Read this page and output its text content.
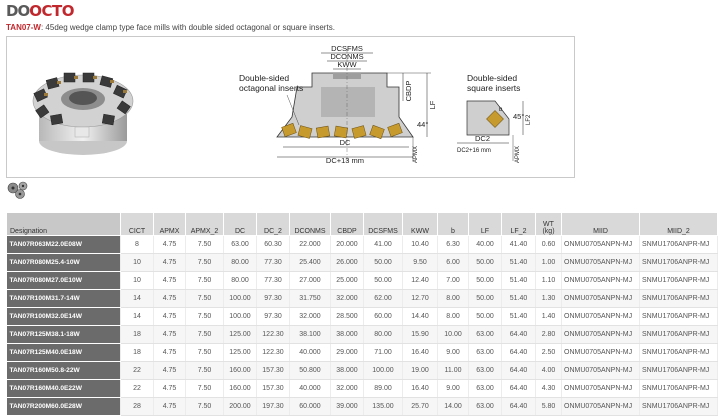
DO OCTO
TAN07-W: 45deg wedge clamp type face mills with double sided octagonal or square inserts.
DCSFMS
DCONMS
KWW
CBDP
LF
44°
APMX
DC
DC+13 mm
Double-sided
octagonal inserts
Double-sided
square inserts
b
45° LF2
DC2
DC2+16 mm	APMX
Designation	CICT	APMX	APMX_2	DC	DC_2	DCONMS	CBDP	DCSFMS	KWW	b	LF	LF_2	WT (kg)	MIID	MIID_2
TAN07R063M22.0E08W	8	4.75	7.50	63.00	60.30	22.000	20.000	41.00	10.40	6.30	40.00	41.40	0.60	ONMU0705ANPN-MJ	SNMU1706ANPR-MJ
TAN07R080M25.4-10W	10	4.75	7.50	80.00	77.30	25.400	26.000	50.00	9.50	6.00	50.00	51.40	1.00	ONMU0705ANPN-MJ	SNMU1706ANPR-MJ
TAN07R080M27.0E10W	10	4.75	7.50	80.00	77.30	27.000	25.000	50.00	12.40	7.00	50.00	51.40	1.10	ONMU0705ANPN-MJ	SNMU1706ANPR-MJ
TAN07R100M31.7-14W	14	4.75	7.50	100.00	97.30	31.750	32.000	62.00	12.70	8.00	50.00	51.40	1.30	ONMU0705ANPN-MJ	SNMU1706ANPR-MJ
TAN07R100M32.0E14W	14	4.75	7.50	100.00	97.30	32.000	28.500	60.00	14.40	8.00	50.00	51.40	1.40	ONMU0705ANPN-MJ	SNMU1706ANPR-MJ
TAN07R125M38.1-18W	18	4.75	7.50	125.00	122.30	38.100	38.000	80.00	15.90	10.00	63.00	64.40	2.80	ONMU0705ANPN-MJ	SNMU1706ANPR-MJ
TAN07R125M40.0E18W	18	4.75	7.50	125.00	122.30	40.000	29.000	71.00	16.40	9.00	63.00	64.40	2.50	ONMU0705ANPN-MJ	SNMU1706ANPR-MJ
TAN07R160M50.8-22W	22	4.75	7.50	160.00	157.30	50.800	38.000	100.00	19.00	11.00	63.00	64.40	4.00	ONMU0705ANPN-MJ	SNMU1706ANPR-MJ
TAN07R160M40.0E22W	22	4.75	7.50	160.00	157.30	40.000	32.000	89.00	16.40	9.00	63.00	64.40	4.30	ONMU0705ANPN-MJ	SNMU1706ANPR-MJ
TAN07R200M60.0E28W	28	4.75	7.50	200.00	197.30	60.000	39.000	135.00	25.70	14.00	63.00	64.40	5.80	ONMU0705ANPN-MJ	SNMU1706ANPR-MJ
